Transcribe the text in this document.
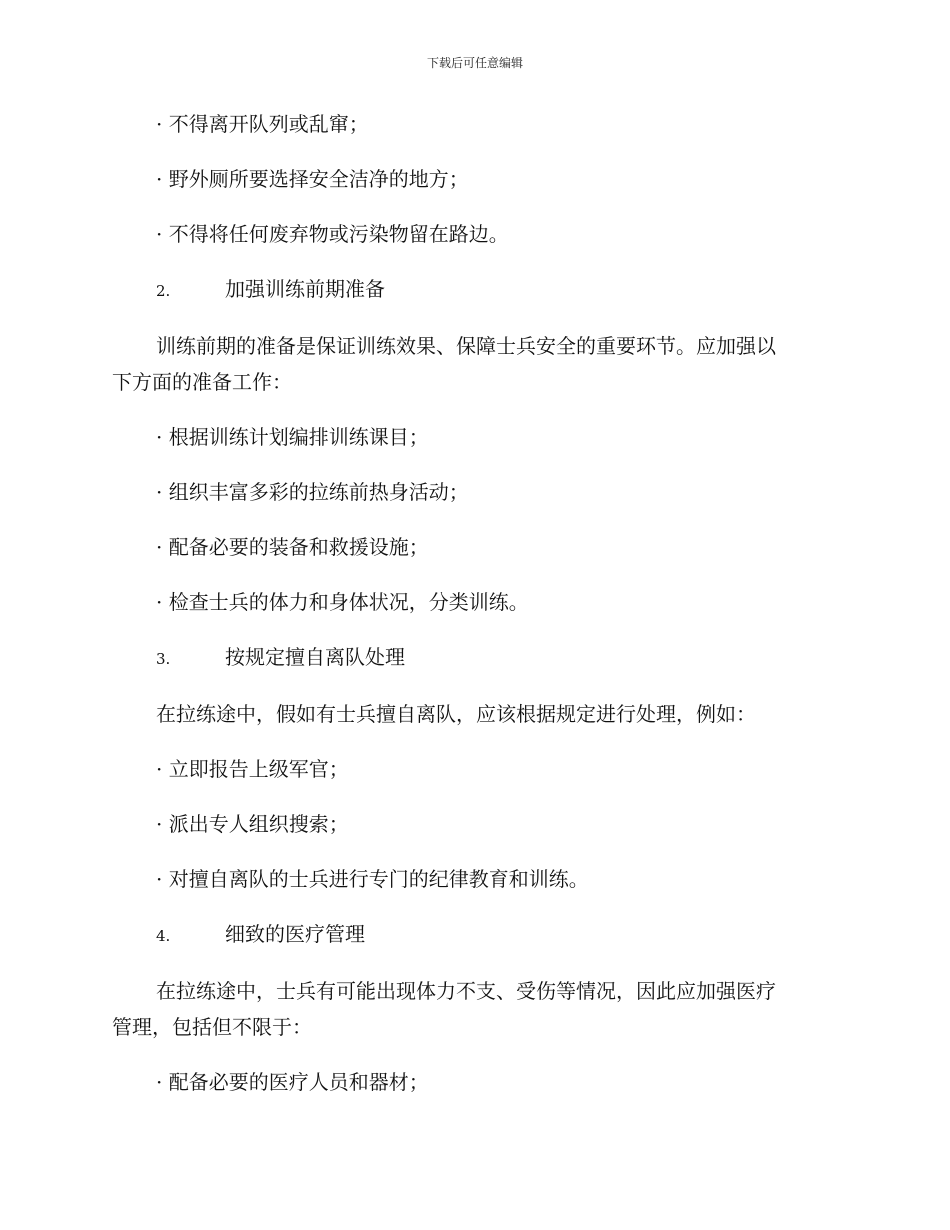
下载后可任意编辑

· 不得离开队列或乱窜；

· 野外厕所要选择安全洁净的地方；

· 不得将任何废弃物或污染物留在路边。

2.	加强训练前期准备

训练前期的准备是保证训练效果、保障士兵安全的重要环节。应加强以
下方面的准备工作：

· 根据训练计划编排训练课目；

· 组织丰富多彩的拉练前热身活动；

· 配备必要的装备和救援设施；

· 检查士兵的体力和身体状况，分类训练。

3.	按规定擅自离队处理

在拉练途中，假如有士兵擅自离队，应该根据规定进行处理，例如：

· 立即报告上级军官；

· 派出专人组织搜索；

· 对擅自离队的士兵进行专门的纪律教育和训练。

4.	细致的医疗管理

在拉练途中，士兵有可能出现体力不支、受伤等情况，因此应加强医疗
管理，包括但不限于：

· 配备必要的医疗人员和器材；
